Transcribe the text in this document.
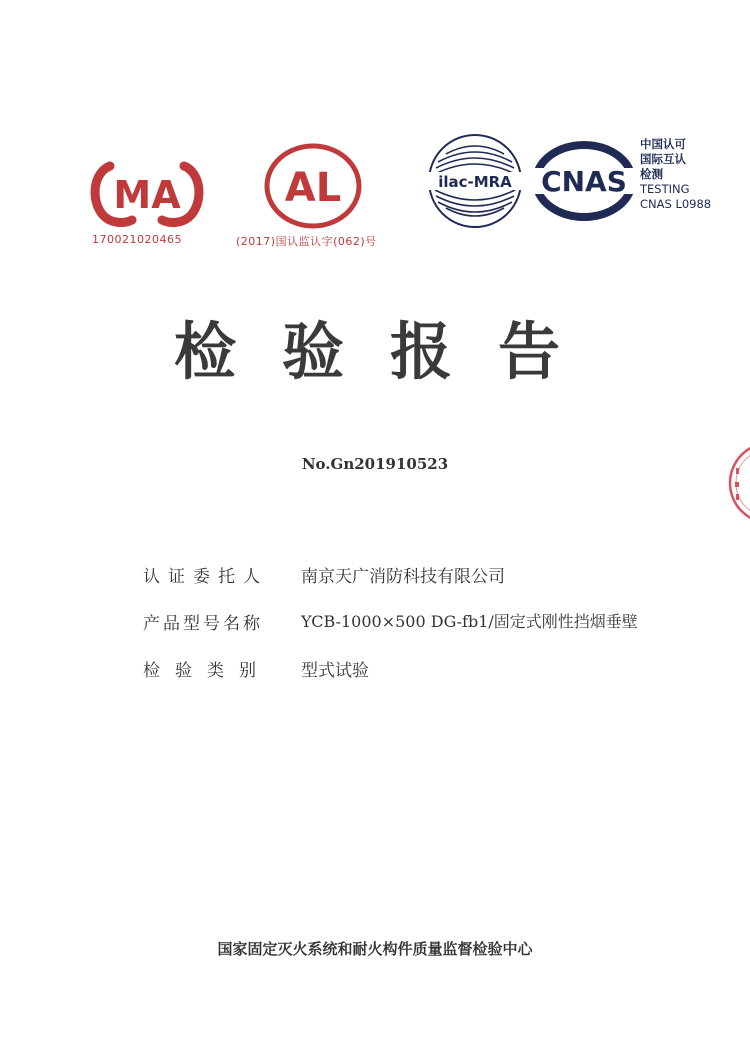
MA
170021020465
AL
(2017)国认监认字(062)号
ilac-MRA CNAS
中国认可
国际互认
检测
TESTING
CNAS L0988
检验报告
No.Gn201910523
认证委托人 南京天广消防科技有限公司
产品型号名称 YCB-1000×500 DG-fb1/固定式刚性挡烟垂壁
检验类别 型式试验
国家固定灭火系统和耐火构件质量监督检验中心
